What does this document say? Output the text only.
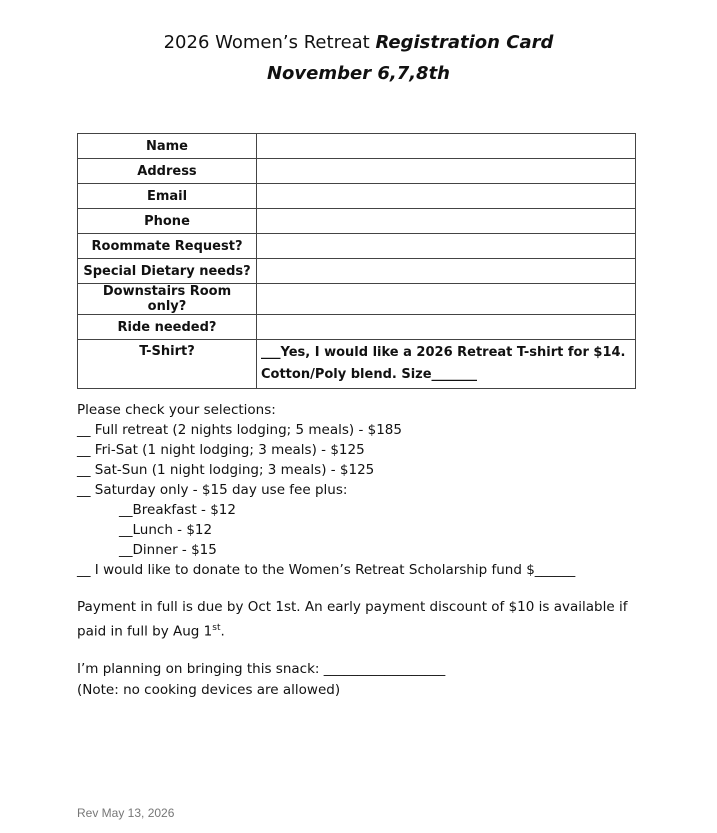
2026 Women’s Retreat Registration Card
November 6,7,8th
Name	
Address	
Email	
Phone	
Roommate Request?	
Special Dietary needs?	
Downstairs Room only?	
Ride needed?	
T-Shirt?	___Yes, I would like a 2026 Retreat T-shirt for $14. Cotton/Poly blend. Size_______
Please check your selections:
__ Full retreat (2 nights lodging; 5 meals) - $185
__ Fri-Sat (1 night lodging; 3 meals) - $125
__ Sat-Sun (1 night lodging; 3 meals) - $125
__ Saturday only - $15 day use fee plus:
__Breakfast - $12
__Lunch - $12
__Dinner - $15
__ I would like to donate to the Women’s Retreat Scholarship fund $______
Payment in full is due by Oct 1st. An early payment discount of $10 is available if paid in full by Aug 1st.
I’m planning on bringing this snack: __________________
(Note: no cooking devices are allowed)
Rev May 13, 2026
